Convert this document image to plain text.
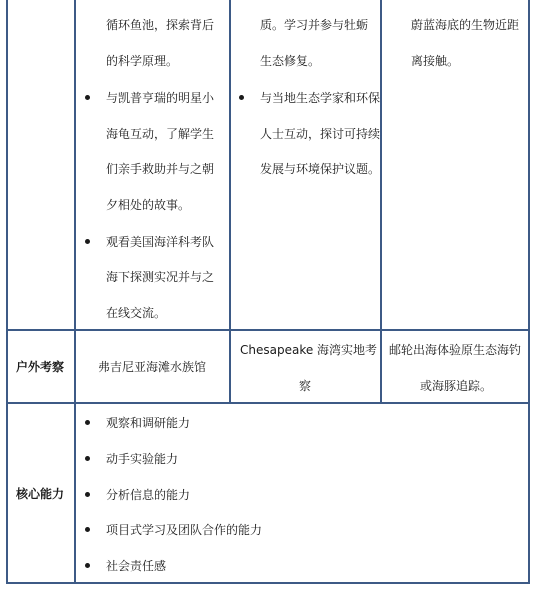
循环鱼池，探索背后
的科学原理。
与凯普亨瑞的明星小
海龟互动，了解学生
们亲手救助并与之朝
夕相处的故事。
观看美国海洋科考队
海下探测实况并与之
在线交流。
质。学习并参与牡蛎
生态修复。
与当地生态学家和环保
人士互动，探讨可持续
发展与环境保护议题。
蔚蓝海底的生物近距
离接触。
户外考察	弗吉尼亚海滩水族馆
Chesapeake 海湾实地考
察
邮轮出海体验原生态海钓
或海豚追踪。
核心能力
观察和调研能力
动手实验能力
分析信息的能力
项目式学习及团队合作的能力
社会责任感
